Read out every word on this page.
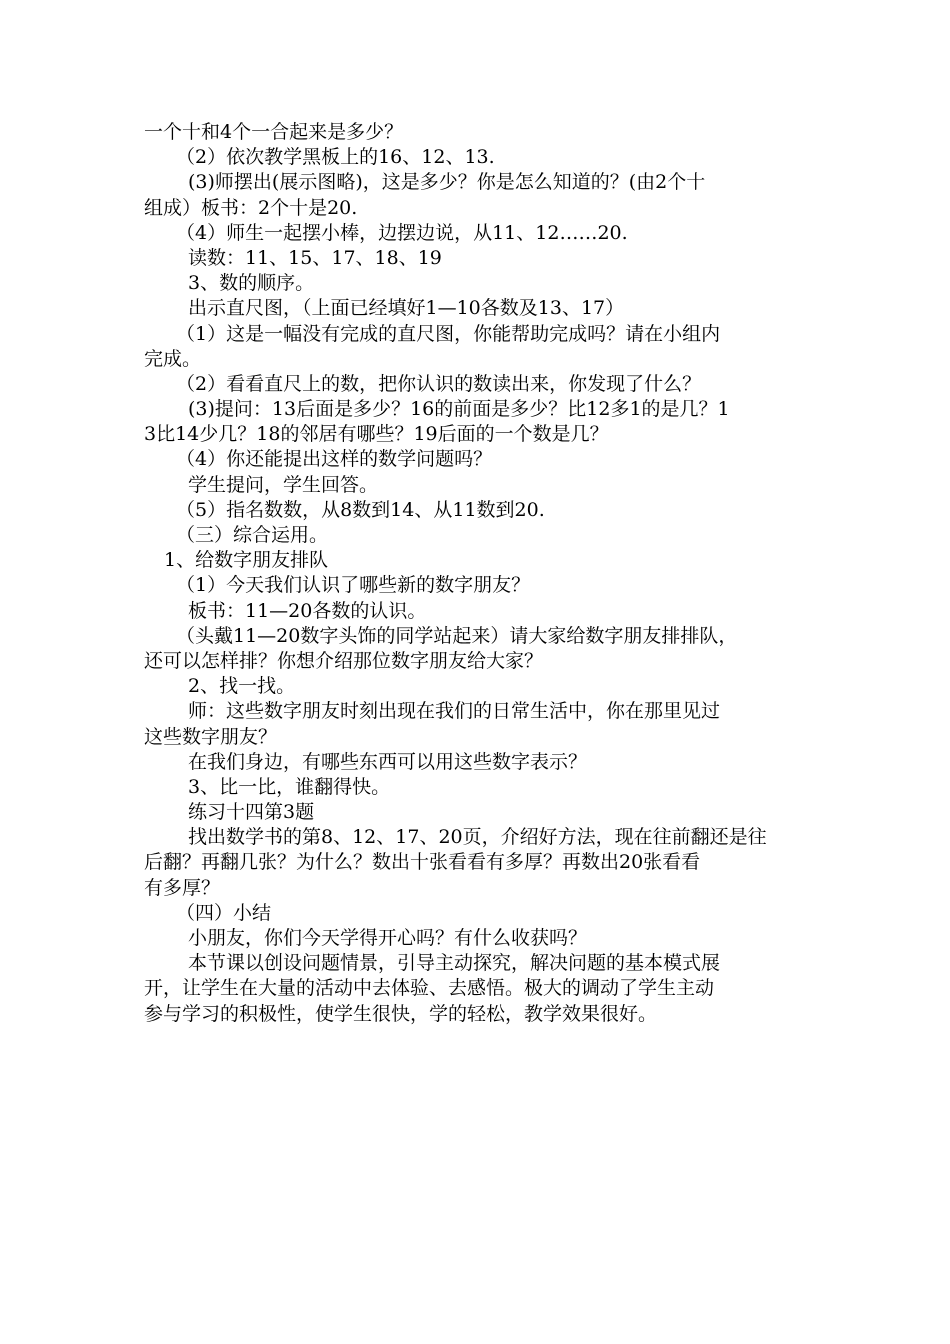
一个十和4个一合起来是多少？
（2）依次教学黑板上的16、12、13.
(3)师摆出(展示图略)，这是多少？你是怎么知道的？(由2个十
组成）板书：2个十是20.
（4）师生一起摆小棒，边摆边说，从11、12……20.
读数：11、15、17、18、19
3、数的顺序。
出示直尺图，（上面已经填好1—10各数及13、17）
（1）这是一幅没有完成的直尺图，你能帮助完成吗？请在小组内
完成。
（2）看看直尺上的数，把你认识的数读出来，你发现了什么？
(3)提问：13后面是多少？16的前面是多少？比12多1的是几？1
3比14少几？18的邻居有哪些？19后面的一个数是几？
（4）你还能提出这样的数学问题吗？
学生提问，学生回答。
（5）指名数数，从8数到14、从11数到20.
（三）综合运用。
1、给数字朋友排队
（1）今天我们认识了哪些新的数字朋友？
板书：11—20各数的认识。
（头戴11—20数字头饰的同学站起来）请大家给数字朋友排排队，
还可以怎样排？你想介绍那位数字朋友给大家？
2、找一找。
师：这些数字朋友时刻出现在我们的日常生活中，你在那里见过
这些数字朋友？
在我们身边，有哪些东西可以用这些数字表示？
3、比一比，谁翻得快。
练习十四第3题
找出数学书的第8、12、17、20页，介绍好方法，现在往前翻还是往
后翻？再翻几张？为什么？数出十张看看有多厚？再数出20张看看
有多厚？
（四）小结
小朋友，你们今天学得开心吗？有什么收获吗？
本节课以创设问题情景，引导主动探究，解决问题的基本模式展
开，让学生在大量的活动中去体验、去感悟。极大的调动了学生主动
参与学习的积极性，使学生很快，学的轻松，教学效果很好。
